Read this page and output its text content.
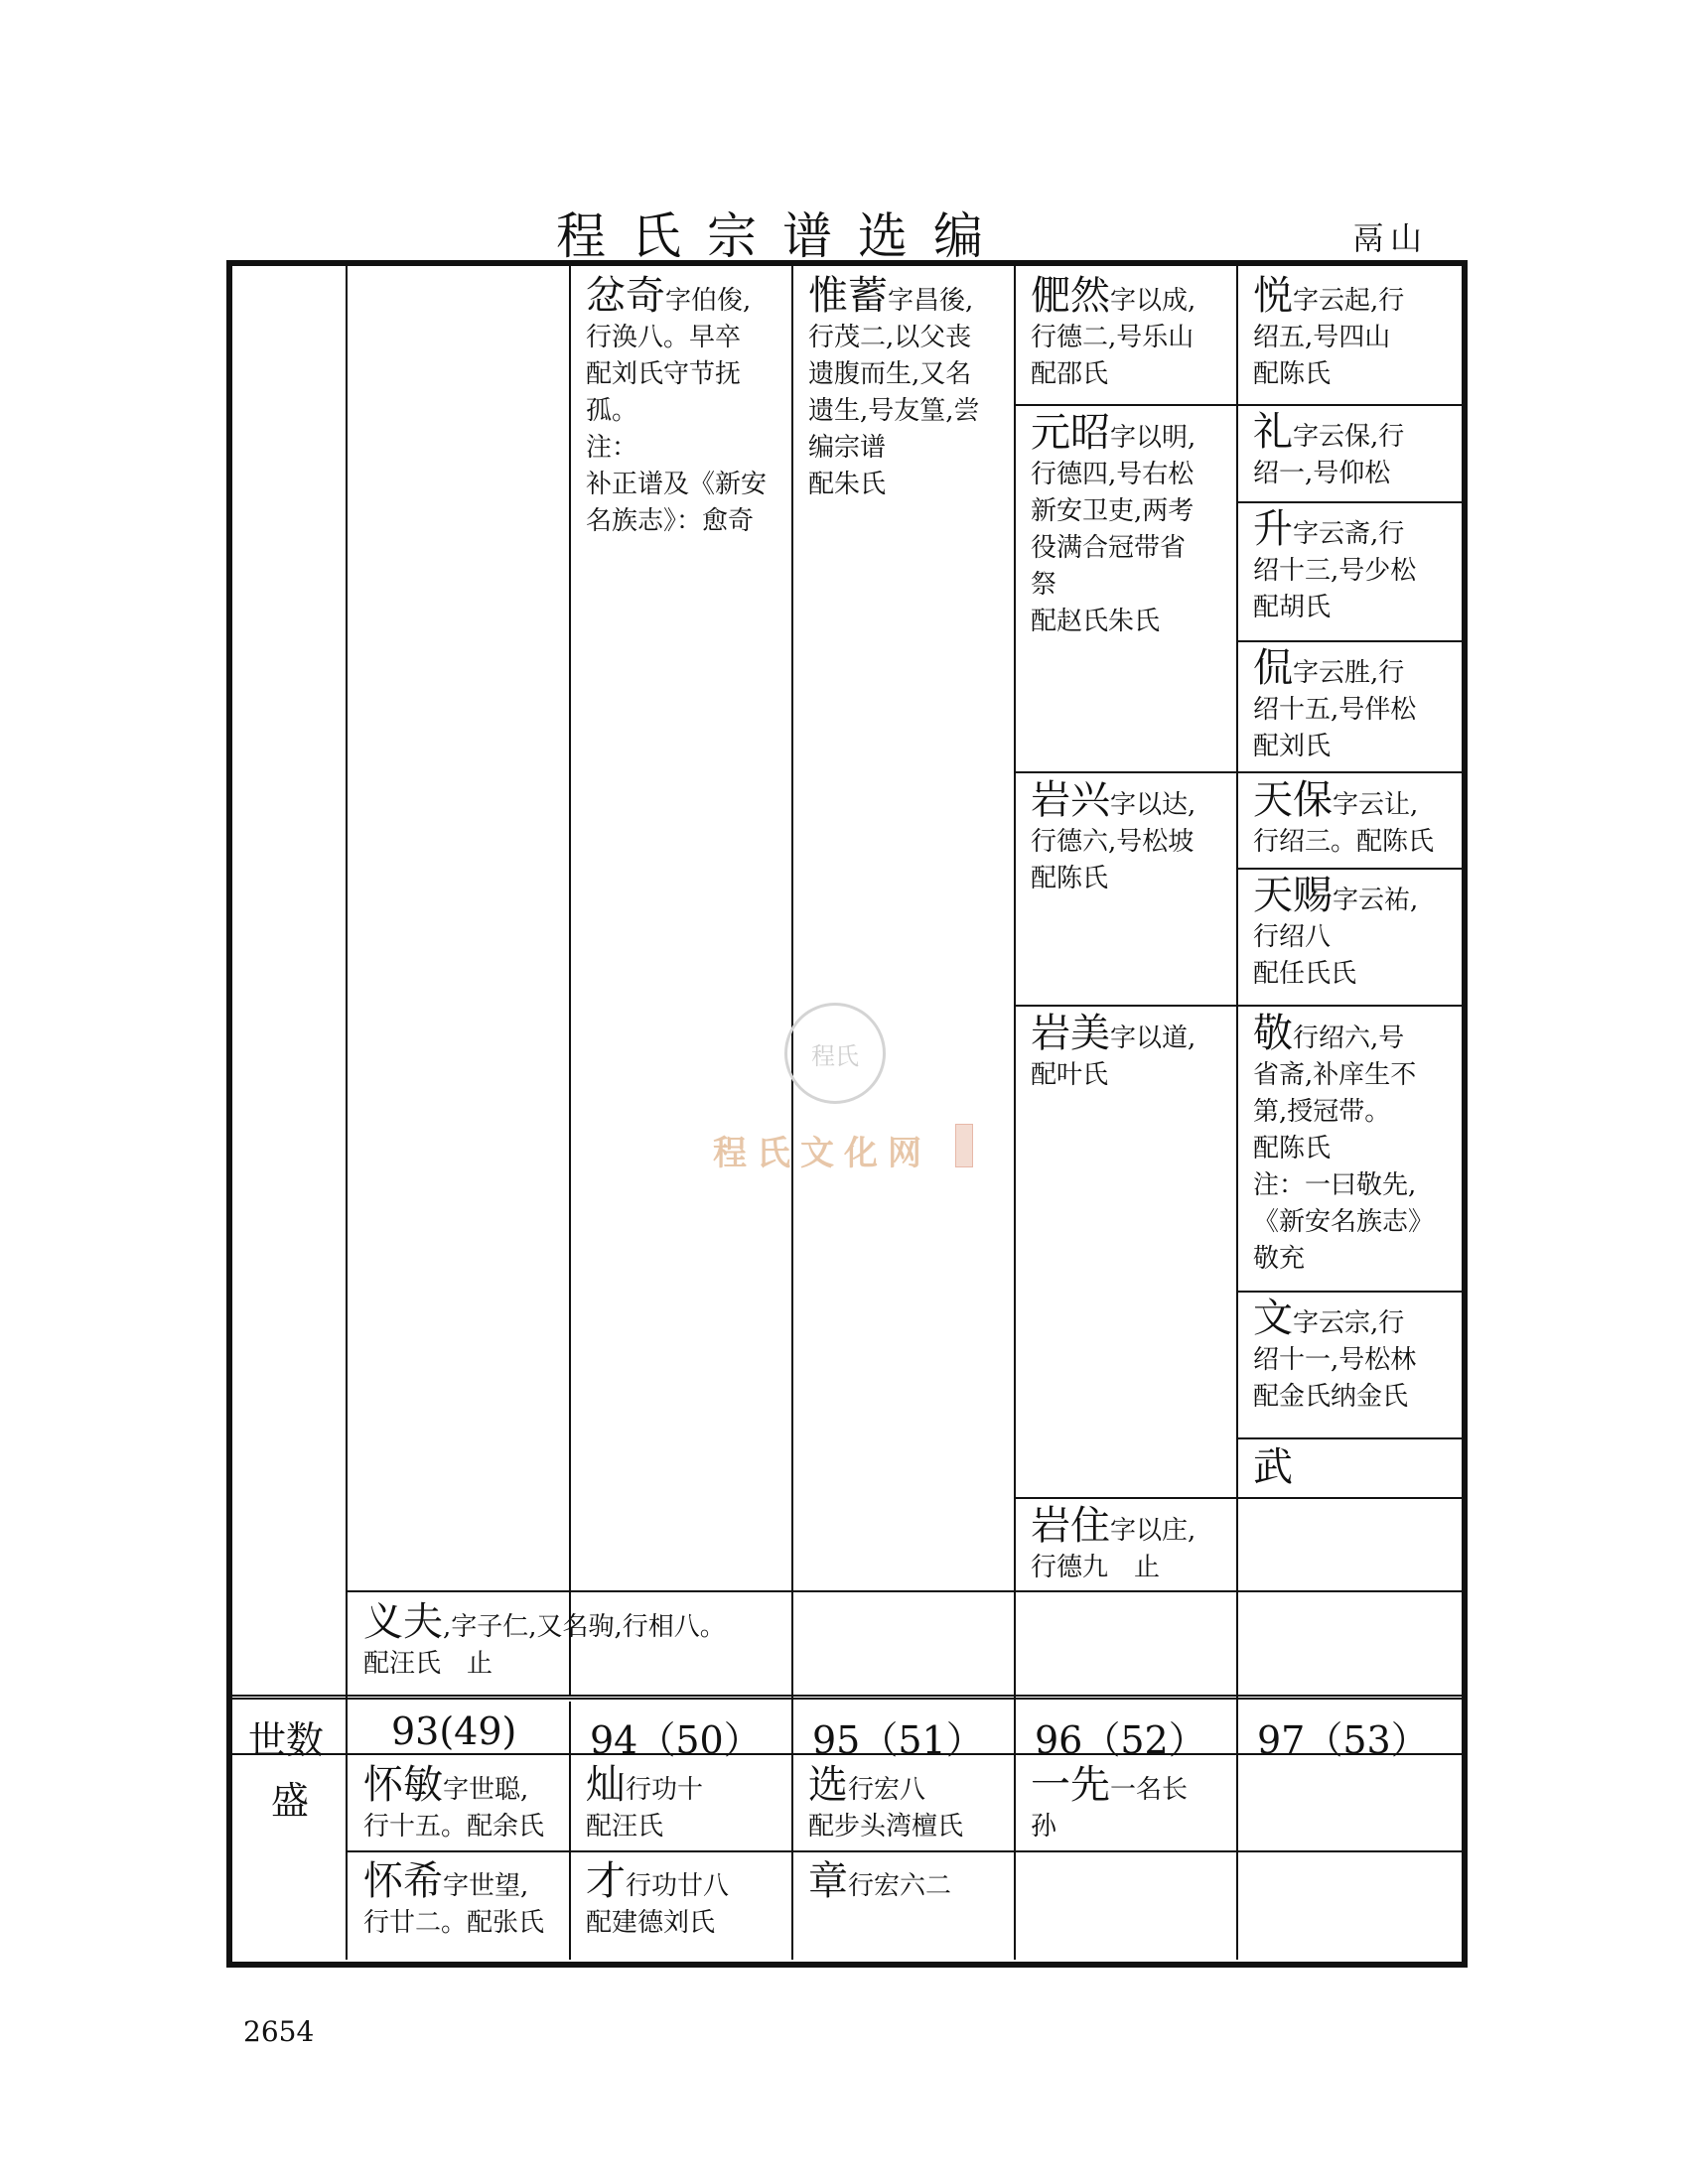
程氏宗谱选编	鬲山
程氏
程氏文化网
忿奇字伯俊,
行涣八。早卒
配刘氏守节抚
孤。
注：
补正谱及《新安
名族志》：愈奇
惟蓄字昌後,
行茂二,以父丧
遗腹而生,又名
遗生,号友篁,尝
编宗谱
配朱氏
俷然字以成,
行德二,号乐山
配邵氏
元昭字以明,
行德四,号右松
新安卫吏,两考
役满合冠带省
祭
配赵氏朱氏
岩兴字以达,
行德六,号松坡
配陈氏
岩美字以道,
配叶氏
岩住字以庄,
行德九　止
悦字云起,行
绍五,号四山
配陈氏
礼字云保,行
绍一,号仰松
升字云斋,行
绍十三,号少松
配胡氏
侃字云胜,行
绍十五,号伴松
配刘氏
天保字云让,
行绍三。配陈氏
天赐字云祐,
行绍八
配任氏氏
敬行绍六,号
省斋,补庠生不
第,授冠带。
配陈氏
注：一曰敬先,
《新安名族志》
敬充
文字云宗,行
绍十一,号松林
配金氏纳金氏
武
义夫,字子仁,又名驹,行相八。
配汪氏　止
世数 93(49) 94（50） 95（51） 96（52） 97（53）
盛 怀敏字世聪,
行十五。配余氏
怀希字世望,
行廿二。配张氏
灿行功十
配汪氏
才行功廿八
配建德刘氏
选行宏八
配步头湾檀氏
章行宏六二
一先一名长
孙
2654
